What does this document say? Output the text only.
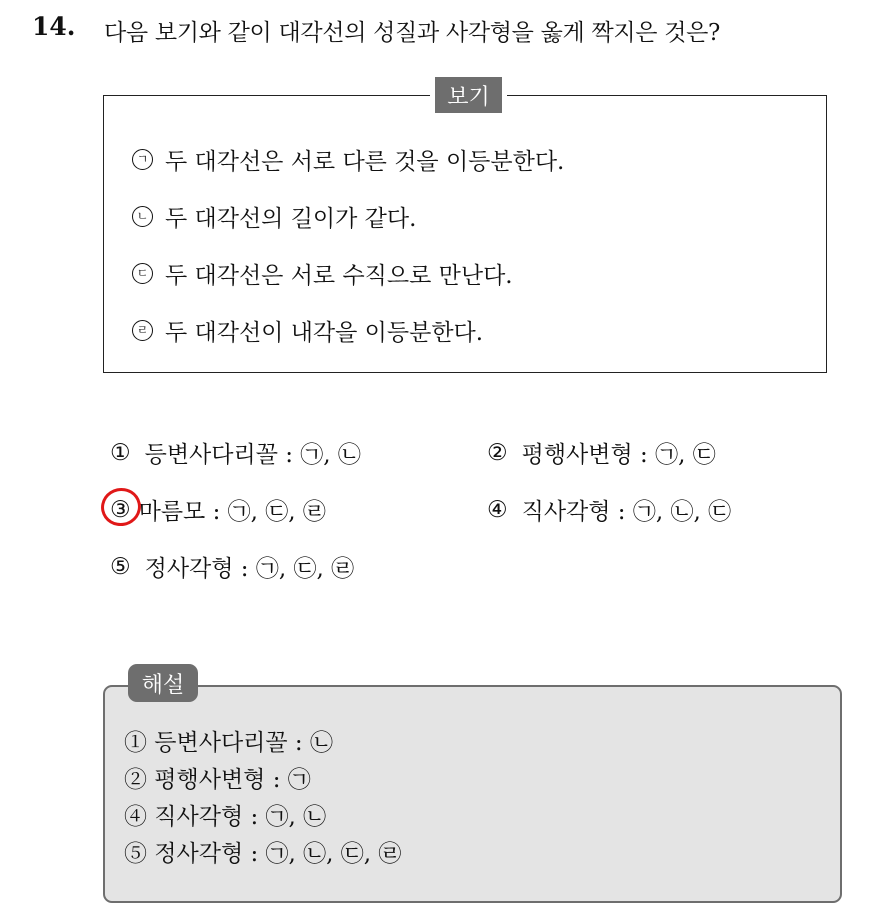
14. 다음 보기와 같이 대각선의 성질과 사각형을 옳게 짝지은 것은?
보기
ㄱ 두 대각선은 서로 다른 것을 이등분한다.
ㄴ 두 대각선의 길이가 같다.
ㄷ 두 대각선은 서로 수직으로 만난다.
ㄹ 두 대각선이 내각을 이등분한다.
① 등변사다리꼴 : ㉠, ㉡	② 평행사변형 : ㉠, ㉢
③ 마름모 : ㉠, ㉢, ㉣	④ 직사각형 : ㉠, ㉡, ㉢
⑤ 정사각형 : ㉠, ㉢, ㉣
해설
① 등변사다리꼴 : ㉡
② 평행사변형 : ㉠
④ 직사각형 : ㉠, ㉡
⑤ 정사각형 : ㉠, ㉡, ㉢, ㉣
